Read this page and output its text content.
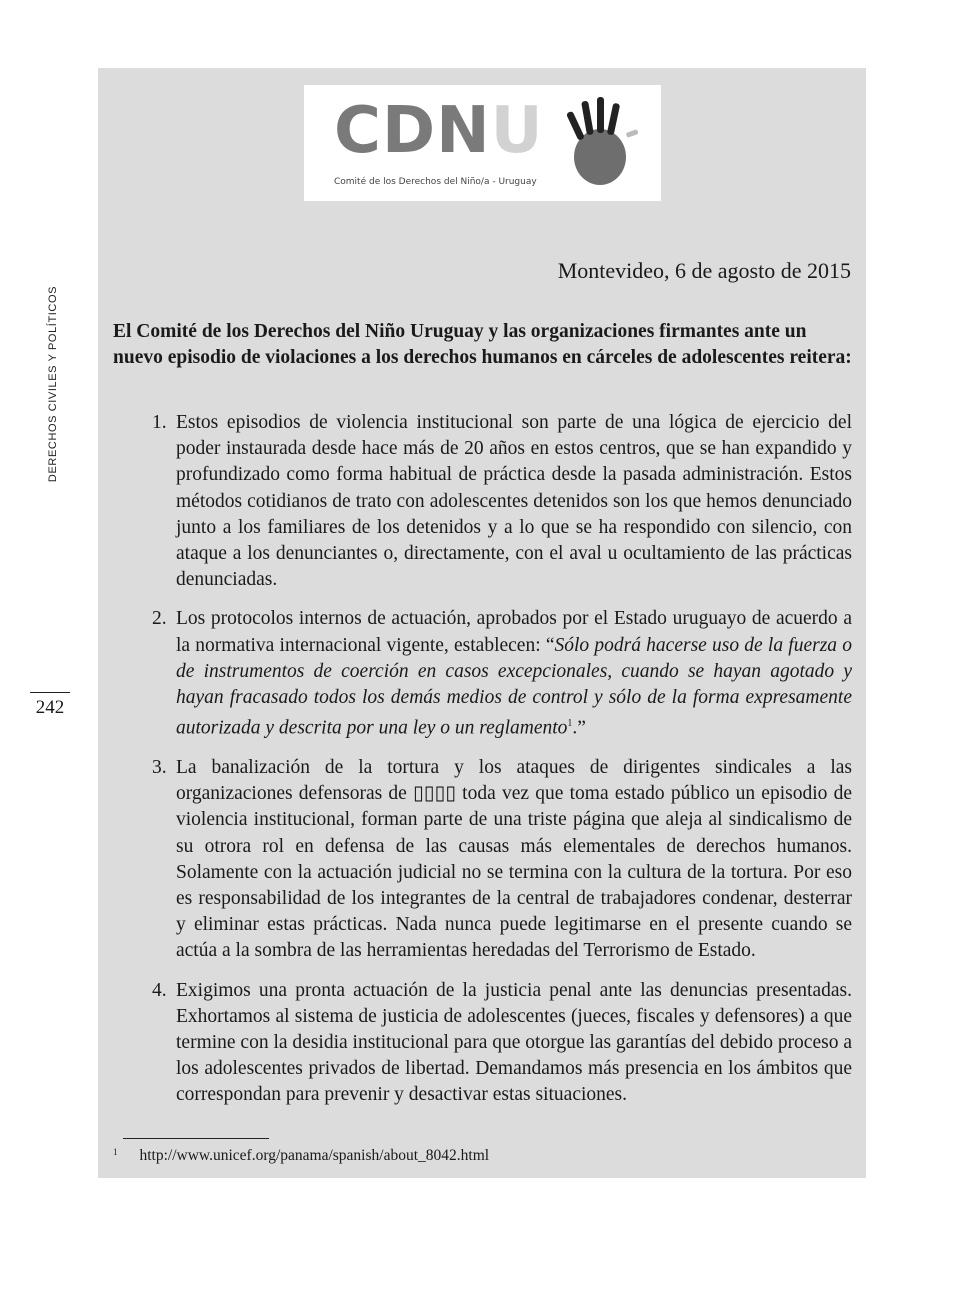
DERECHOS CIVILES Y POLÍTICOS
242
CDNU
Comité de los Derechos del Niño/a - Uruguay
Montevideo, 6 de agosto de 2015
El Comité de los Derechos del Niño Uruguay y las organizaciones firmantes ante un nuevo episodio de violaciones a los derechos humanos en cárceles de adolescentes reitera:
1. Estos episodios de violencia institucional son parte de una lógica de ejercicio del poder instaurada desde hace más de 20 años en estos centros, que se han expandido y profundizado como forma habitual de práctica desde la pasada administración. Estos métodos cotidianos de trato con adolescentes detenidos son los que hemos denunciado junto a los familiares de los detenidos y a lo que se ha respondido con silencio, con ataque a los denunciantes o, directamente, con el aval u ocultamiento de las prácticas denunciadas.
2. Los protocolos internos de actuación, aprobados por el Estado uruguayo de acuerdo a la normativa internacional vigente, establecen: “Sólo podrá hacerse uso de la fuerza o de instrumentos de coerción en casos excepcionales, cuando se hayan agotado y hayan fracasado todos los demás medios de control y sólo de la forma expresamente autorizada y descrita por una ley o un reglamento$^1$.”
3. La banalización de la tortura y los ataques de dirigentes sindicales a las organizaciones defensoras de ▯▯▯▯ toda vez que toma estado público un episodio de violencia institucional, forman parte de una triste página que aleja al sindicalismo de su otrora rol en defensa de las causas más elementales de derechos humanos. Solamente con la actuación judicial no se termina con la cultura de la tortura. Por eso es responsabilidad de los integrantes de la central de trabajadores condenar, desterrar y eliminar estas prácticas. Nada nunca puede legitimarse en el presente cuando se actúa a la sombra de las herramientas heredadas del Terrorismo de Estado.
4. Exigimos una pronta actuación de la justicia penal ante las denuncias presentadas. Exhortamos al sistema de justicia de adolescentes (jueces, fiscales y defensores) a que termine con la desidia institucional para que otorgue las garantías del debido proceso a los adolescentes privados de libertad. Demandamos más presencia en los ámbitos que correspondan para prevenir y desactivar estas situaciones.
$^1$ http://www.unicef.org/panama/spanish/about_8042.html
